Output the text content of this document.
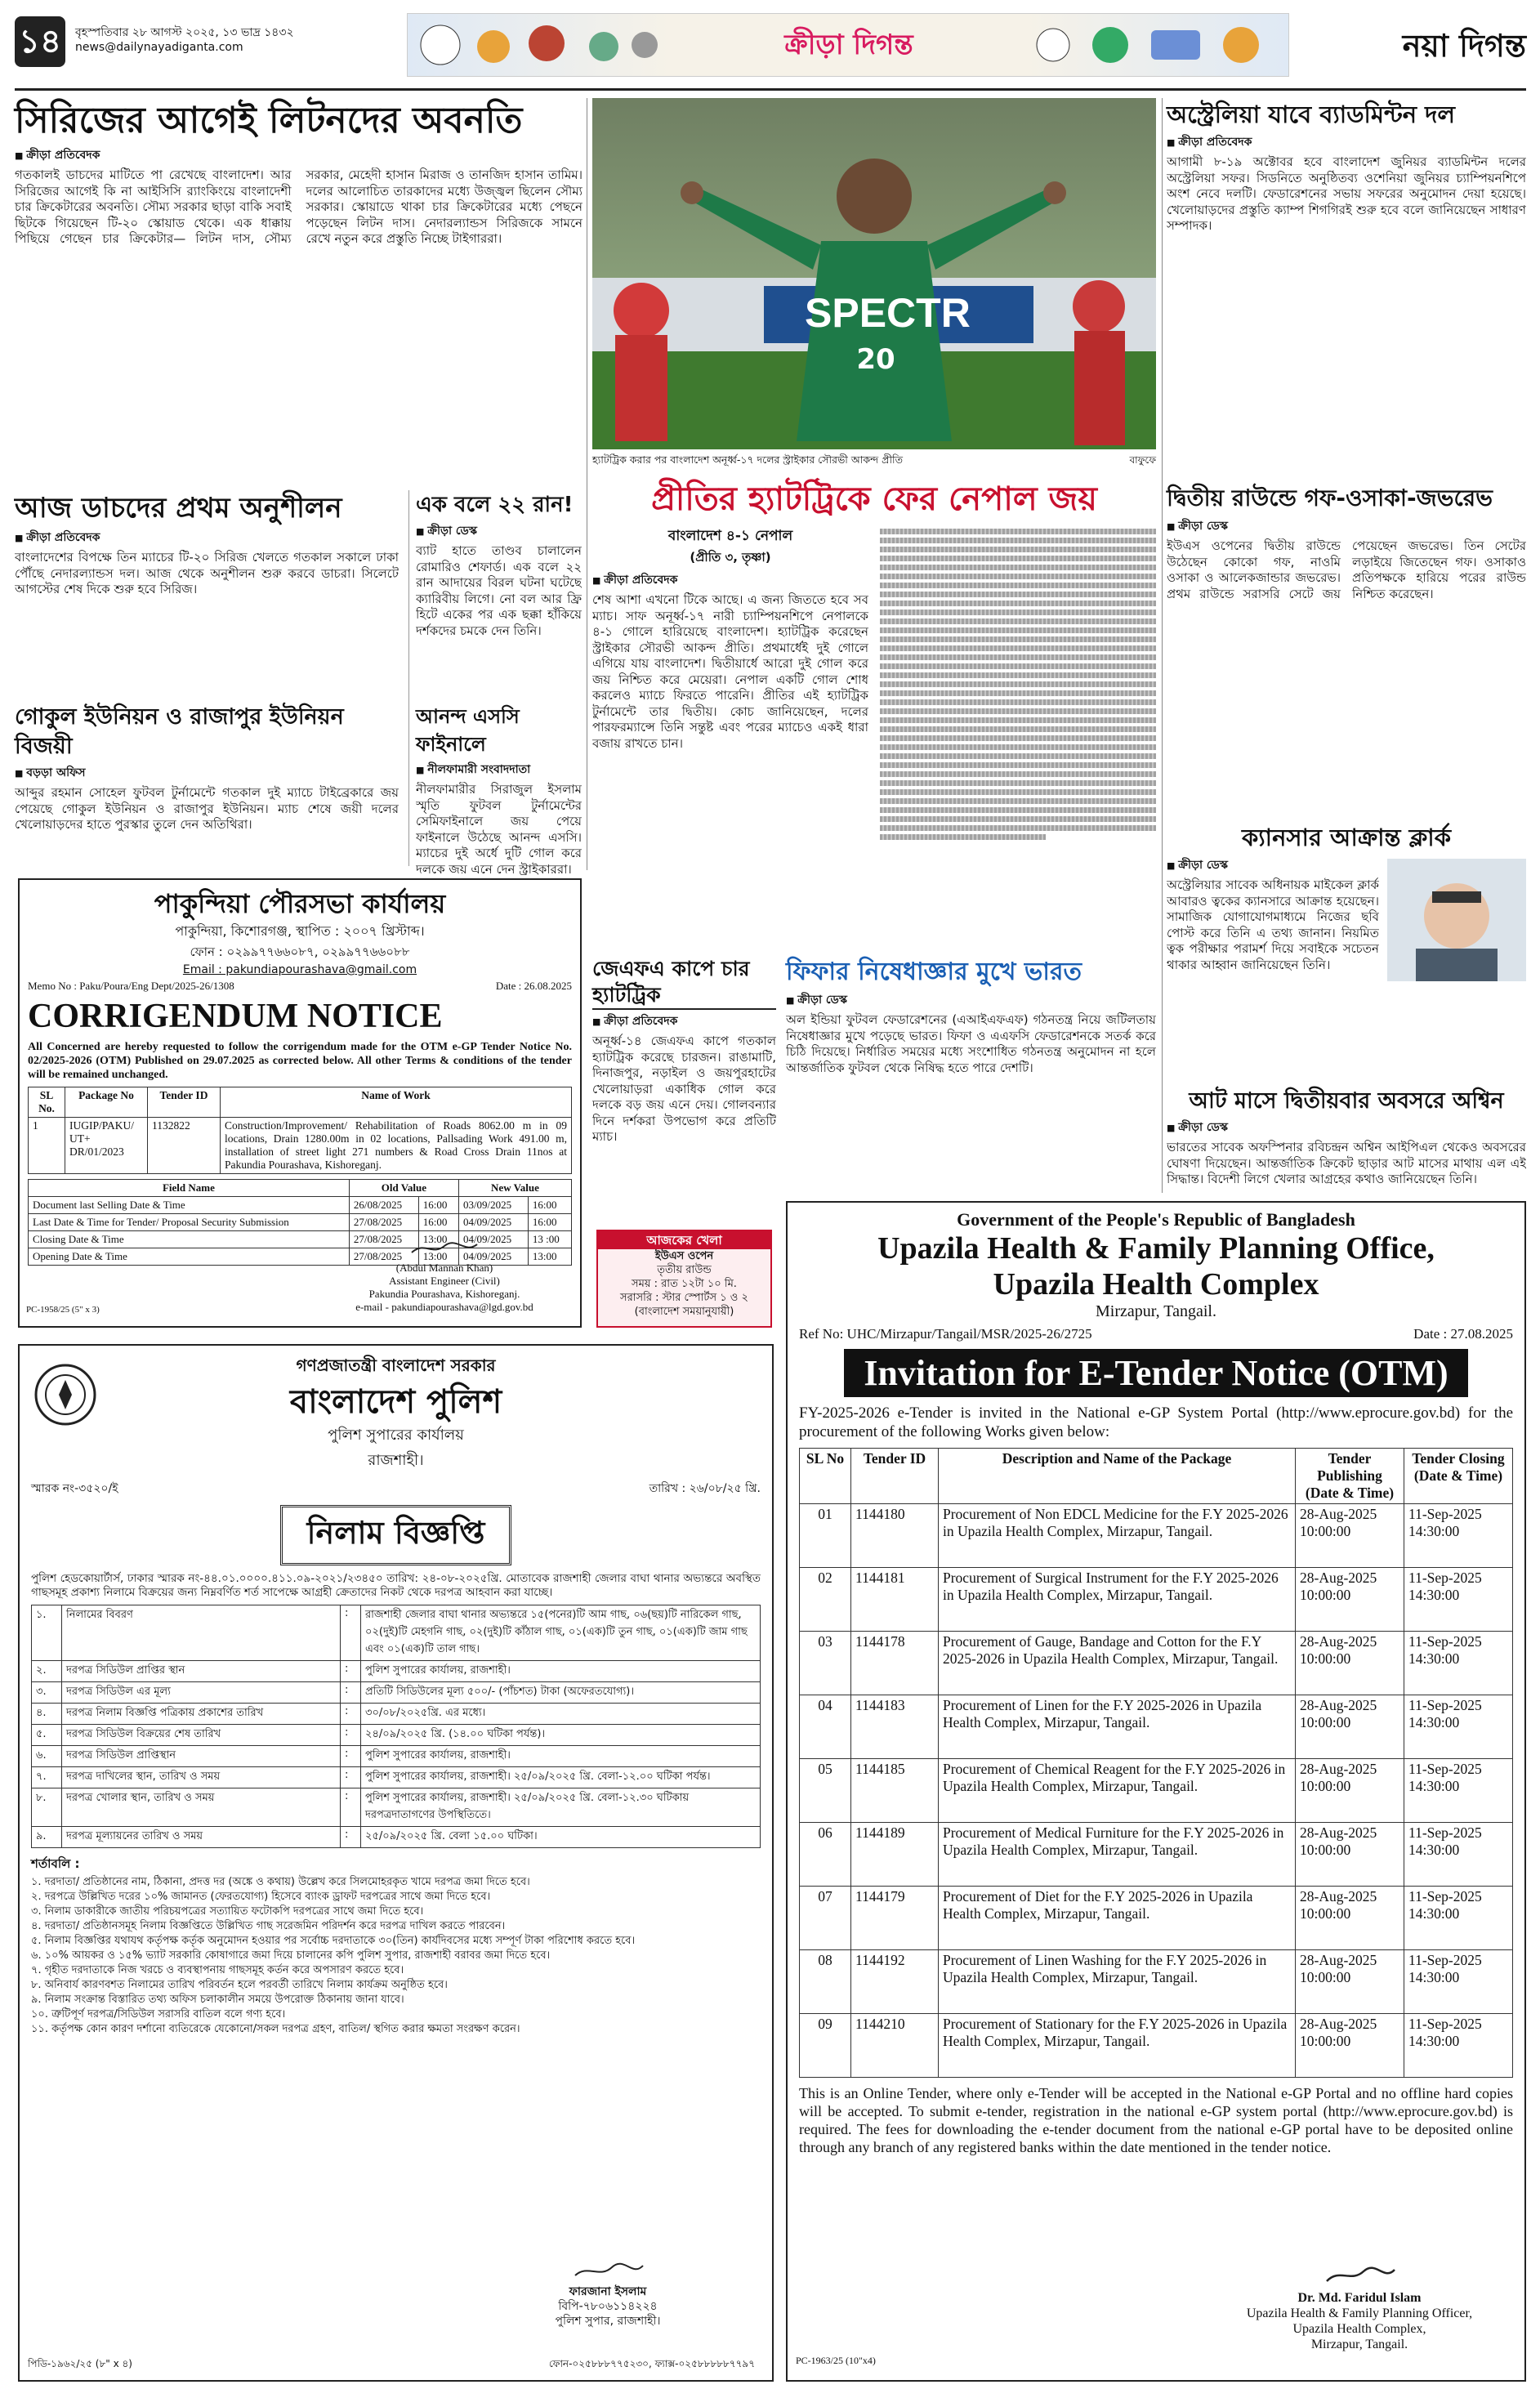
১৪	বৃহস্পতিবার ২৮ আগস্ট ২০২৫, ১৩ ভাদ্র ১৪৩২
news@dailynayadiganta.com	ক্রীড়া দিগন্ত	নয়া দিগন্ত
সিরিজের আগেই লিটনদের অবনতি
■ ক্রীড়া প্রতিবেদক
গতকালই ডাচদের মাটিতে পা রেখেছে বাংলাদেশ। আর সিরিজের আগেই কি না আইসিসি র‍্যাংকিংয়ে বাংলাদেশী চার ক্রিকেটারের অবনতি। সৌম্য সরকার ছাড়া বাকি সবাই ছিটকে গিয়েছেন টি-২০ স্কোয়াড থেকে। এক ধাক্কায় পিছিয়ে গেছেন চার ক্রিকেটার— লিটন দাস, সৌম্য সরকার, মেহেদী হাসান মিরাজ ও তানজিদ হাসান তামিম। দলের আলোচিত তারকাদের মধ্যে উজ্জ্বল ছিলেন সৌম্য সরকার। স্কোয়াডে থাকা চার ক্রিকেটারের মধ্যে পেছনে পড়েছেন লিটন দাস। নেদারল্যান্ডস সিরিজকে সামনে রেখে নতুন করে প্রস্তুতি নিচ্ছে টাইগাররা।
আজ ডাচদের প্রথম অনুশীলন
■ ক্রীড়া প্রতিবেদক
বাংলাদেশের বিপক্ষে তিন ম্যাচের টি-২০ সিরিজ খেলতে গতকাল সকালে ঢাকা পৌঁছে নেদারল্যান্ডস দল। আজ থেকে অনুশীলন শুরু করবে ডাচরা। সিলেটে আগস্টের শেষ দিকে শুরু হবে সিরিজ।
গোকুল ইউনিয়ন ও রাজাপুর ইউনিয়ন বিজয়ী
■ বড়ড়া অফিস
আব্দুর রহমান সোহেল ফুটবল টুর্নামেন্টে গতকাল দুই ম্যাচে টাইব্রেকারে জয় পেয়েছে গোকুল ইউনিয়ন ও রাজাপুর ইউনিয়ন। ম্যাচ শেষে জয়ী দলের খেলোয়াড়দের হাতে পুরস্কার তুলে দেন অতিথিরা।
এক বলে ২২ রান!
■ ক্রীড়া ডেস্ক
ব্যাট হাতে তাণ্ডব চালালেন রোমারিও শেফার্ড। এক বলে ২২ রান আদায়ের বিরল ঘটনা ঘটেছে ক্যারিবীয় লিগে। নো বল আর ফ্রি হিটে একের পর এক ছক্কা হাঁকিয়ে দর্শকদের চমকে দেন তিনি।
আনন্দ এসসি ফাইনালে
■ নীলফামারী সংবাদদাতা
নীলফামারীর সিরাজুল ইসলাম স্মৃতি ফুটবল টুর্নামেন্টের সেমিফাইনালে জয় পেয়ে ফাইনালে উঠেছে আনন্দ এসসি। ম্যাচের দুই অর্ধে দুটি গোল করে দলকে জয় এনে দেন স্ট্রাইকাররা।
পাকুন্দিয়া পৌরসভা কার্যালয়
পাকুন্দিয়া, কিশোরগঞ্জ, স্থাপিত : ২০০৭ খ্রিস্টাব্দ।
ফোন : ০২৯৯৭৭৬৬০৮৭, ০২৯৯৭৭৬৬০৮৮
Email : pakundiapourashava@gmail.com
Memo No : Paku/Poura/Eng Dept/2025-26/1308	Date : 26.08.2025
CORRIGENDUM NOTICE
All Concerned are hereby requested to follow the corrigendum made for the OTM e-GP Tender Notice No. 02/2025-2026 (OTM) Published on 29.07.2025 as corrected below. All other Terms & conditions of the tender will be remained unchanged.
SL No.	Package No	Tender ID	Name of Work
1	IUGIP/PAKU/ UT+ DR/01/2023	1132822	Construction/Improvement/ Rehabilitation of Roads 8062.00 m in 09 locations, Drain 1280.00m in 02 locations, Pallsading Work 491.00 m, installation of street light 271 numbers & Road Cross Drain 11nos at Pakundia Pourashava, Kishoreganj.
Field Name	Old Value		New Value	
Document last Selling Date & Time	26/08/2025	16:00	03/09/2025	16:00
Last Date & Time for Tender/ Proposal Security Submission	27/08/2025	16:00	04/09/2025	16:00
Closing Date & Time	27/08/2025	13:00	04/09/2025	13 :00
Opening Date & Time	27/08/2025	13:00	04/09/2025	13:00
(Abdul Mannan Khan)
Assistant Engineer (Civil)
Pakundia Pourashava, Kishoreganj.
e-mail - pakundiapourashava@lgd.gov.bd
PC-1958/25 (5" x 3)
গণপ্রজাতন্ত্রী বাংলাদেশ সরকার
বাংলাদেশ পুলিশ
পুলিশ সুপারের কার্যালয়
রাজশাহী।
স্মারক নং-৩৫২০/ই	তারিখ : ২৬/০৮/২৫ খ্রি.
নিলাম বিজ্ঞপ্তি
পুলিশ হেডকোয়ার্টার্স, ঢাকার স্মারক নং-৪৪.০১.০০০০.৪১১.০৯-২০২১/২৩৪৫০ তারিখ: ২৪-০৮-২০২৫খ্রি. মোতাবেক রাজশাহী জেলার বাঘা থানার অভ্যন্তরে অবস্থিত গাছসমূহ প্রকাশ্য নিলামে বিক্রয়ের জন্য নিম্নবর্ণিত শর্ত সাপেক্ষে আগ্রহী ক্রেতাদের নিকট থেকে দরপত্র আহবান করা যাচ্ছে।
১.	নিলামের বিবরণ	:	রাজশাহী জেলার বাঘা থানার অভ্যন্তরে ১৫(পনের)টি আম গাছ, ০৬(ছয়)টি নারিকেল গাছ, ০২(দুই)টি মেহগনি গাছ, ০২(দুই)টি কাঁঠাল গাছ, ০১(এক)টি তুন গাছ, ০১(এক)টি জাম গাছ এবং ০১(এক)টি তাল গাছ।
২.	দরপত্র সিডিউল প্রাপ্তির স্থান	:	পুলিশ সুপারের কার্যালয়, রাজশাহী।
৩.	দরপত্র সিডিউল এর মূল্য	:	প্রতিটি সিডিউলের মূল্য ৫০০/- (পাঁচশত) টাকা (অফেরতযোগ্য)।
৪.	দরপত্র নিলাম বিজ্ঞপ্তি পত্রিকায় প্রকাশের তারিখ	:	৩০/০৮/২০২৫খ্রি. এর মধ্যে।
৫.	দরপত্র সিডিউল বিক্রয়ের শেষ তারিখ	:	২৪/০৯/২০২৫ খ্রি. (১৪.০০ ঘটিকা পর্যন্ত)।
৬.	দরপত্র সিডিউল প্রাপ্তিস্থান	:	পুলিশ সুপারের কার্যালয়, রাজশাহী।
৭.	দরপত্র দাখিলের স্থান, তারিখ ও সময়	:	পুলিশ সুপারের কার্যালয়, রাজশাহী। ২৫/০৯/২০২৫ খ্রি. বেলা-১২.০০ ঘটিকা পর্যন্ত।
৮.	দরপত্র খোলার স্থান, তারিখ ও সময়	:	পুলিশ সুপারের কার্যালয়, রাজশাহী। ২৫/০৯/২০২৫ খ্রি. বেলা-১২.৩০ ঘটিকায় দরপত্রদাতাগণের উপস্থিতিতে।
৯.	দরপত্র মূল্যায়নের তারিখ ও সময়	:	২৫/০৯/২০২৫ খ্রি. বেলা ১৫.০০ ঘটিকা।
শর্তাবলি :
১. দরদাতা/ প্রতিষ্ঠানের নাম, ঠিকানা, প্রদত্ত দর (অঙ্কে ও কথায়) উল্লেখ করে সিলমোহরকৃত খামে দরপত্র জমা দিতে হবে।
২. দরপত্রে উল্লিখিত দরের ১০% জামানত (ফেরতযোগ্য) হিসেবে ব্যাংক ড্রাফট দরপত্রের সাথে জমা দিতে হবে।
৩. নিলাম ডাকারীকে জাতীয় পরিচয়পত্রের সত্যায়িত ফটোকপি দরপত্রের সাথে জমা দিতে হবে।
৪. দরদাতা/ প্রতিষ্ঠানসমূহ নিলাম বিজ্ঞপ্তিতে উল্লিখিত গাছ সরেজমিন পরিদর্শন করে দরপত্র দাখিল করতে পারবেন।
৫. নিলাম বিজ্ঞপ্তির যথাযথ কর্তৃপক্ষ কর্তৃক অনুমোদন হওয়ার পর সর্বোচ্চ দরদাতাকে ৩০(তিন) কার্যদিবসের মধ্যে সম্পূর্ণ টাকা পরিশোধ করতে হবে।
৬. ১০% আয়কর ও ১৫% ভ্যাট সরকারি কোষাগারে জমা দিয়ে চালানের কপি পুলিশ সুপার, রাজশাহী বরাবর জমা দিতে হবে।
৭. গৃহীত দরদাতাকে নিজ খরচে ও ব্যবস্থাপনায় গাছসমূহ কর্তন করে অপসারণ করতে হবে।
৮. অনিবার্য কারণবশত নিলামের তারিখ পরিবর্তন হলে পরবর্তী তারিখে নিলাম কার্যক্রম অনুষ্ঠিত হবে।
৯. নিলাম সংক্রান্ত বিস্তারিত তথ্য অফিস চলাকালীন সময়ে উপরোক্ত ঠিকানায় জানা যাবে।
১০. ত্রুটিপূর্ণ দরপত্র/সিডিউল সরাসরি বাতিল বলে গণ্য হবে।
১১. কর্তৃপক্ষ কোন কারণ দর্শানো ব্যতিরেকে যেকোনো/সকল দরপত্র গ্রহণ, বাতিল/ স্থগিত করার ক্ষমতা সংরক্ষণ করেন।
ফারজানা ইসলাম
বিপি-৭৮০৬১১৪২২৪
পুলিশ সুপার, রাজশাহী।
পিডি-১৯৬২/২৫ (৮" x ৪)	ফোন-০২৫৮৮৮৭৭৫২৩০, ফ্যাক্স-০২৫৮৮৮৮৮৭৭৯৭
SPECTR
20
হ্যাটট্রিক করার পর বাংলাদেশ অনূর্ধ্ব-১৭ দলের স্ট্রাইকার সৌরভী আকন্দ প্রীতি	বাফুফে
প্রীতির হ্যাটট্রিকে ফের নেপাল জয়
বাংলাদেশ ৪-১ নেপাল
(প্রীতি ৩, তৃষ্ণা)
■ ক্রীড়া প্রতিবেদক
শেষ আশা এখনো টিকে আছে। এ জন্য জিততে হবে সব ম্যাচ। সাফ অনূর্ধ্ব-১৭ নারী চ্যাম্পিয়নশিপে নেপালকে ৪-১ গোলে হারিয়েছে বাংলাদেশ। হ্যাটট্রিক করেছেন স্ট্রাইকার সৌরভী আকন্দ প্রীতি। প্রথমার্ধেই দুই গোলে এগিয়ে যায় বাংলাদেশ। দ্বিতীয়ার্ধে আরো দুই গোল করে জয় নিশ্চিত করে মেয়েরা। নেপাল একটি গোল শোধ করলেও ম্যাচে ফিরতে পারেনি। প্রীতির এই হ্যাটট্রিক টুর্নামেন্টে তার দ্বিতীয়। কোচ জানিয়েছেন, দলের পারফরম্যান্সে তিনি সন্তুষ্ট এবং পরের ম্যাচেও একই ধারা বজায় রাখতে চান।
জেএফএ কাপে চার হ্যাটট্রিক
■ ক্রীড়া প্রতিবেদক
অনূর্ধ্ব-১৪ জেএফএ কাপে গতকাল হ্যাটট্রিক করেছে চারজন। রাঙামাটি, দিনাজপুর, নড়াইল ও জয়পুরহাটের খেলোয়াড়রা একাধিক গোল করে দলকে বড় জয় এনে দেয়। গোলবন্যার দিনে দর্শকরা উপভোগ করে প্রতিটি ম্যাচ।
আজকের খেলা
ইউএস ওপেন
তৃতীয় রাউন্ড
সময় : রাত ১২টা ১০ মি.
সরাসরি : স্টার স্পোর্টস ১ ও ২
(বাংলাদেশ সময়ানুযায়ী)
ফিফার নিষেধাজ্ঞার মুখে ভারত
■ ক্রীড়া ডেস্ক
অল ইন্ডিয়া ফুটবল ফেডারেশনের (এআইএফএফ) গঠনতন্ত্র নিয়ে জটিলতায় নিষেধাজ্ঞার মুখে পড়েছে ভারত। ফিফা ও এএফসি ফেডারেশনকে সতর্ক করে চিঠি দিয়েছে। নির্ধারিত সময়ের মধ্যে সংশোধিত গঠনতন্ত্র অনুমোদন না হলে আন্তর্জাতিক ফুটবল থেকে নিষিদ্ধ হতে পারে দেশটি।
Government of the People's Republic of Bangladesh
Upazila Health & Family Planning Office,
Upazila Health Complex
Mirzapur, Tangail.
Ref No: UHC/Mirzapur/Tangail/MSR/2025-26/2725	Date : 27.08.2025
Invitation for E-Tender Notice (OTM)
FY-2025-2026 e-Tender is invited in the National e-GP System Portal (http://www.eprocure.gov.bd) for the procurement of the following Works given below:
SL No	Tender ID	Description and Name of the Package	Tender Publishing (Date & Time)	Tender Closing (Date & Time)
01	1144180	Procurement of Non EDCL Medicine for the F.Y 2025-2026 in Upazila Health Complex, Mirzapur, Tangail.	28-Aug-2025 10:00:00	11-Sep-2025 14:30:00
02	1144181	Procurement of Surgical Instrument for the F.Y 2025-2026 in Upazila Health Complex, Mirzapur, Tangail.	28-Aug-2025 10:00:00	11-Sep-2025 14:30:00
03	1144178	Procurement of Gauge, Bandage and Cotton for the F.Y 2025-2026 in Upazila Health Complex, Mirzapur, Tangail.	28-Aug-2025 10:00:00	11-Sep-2025 14:30:00
04	1144183	Procurement of Linen for the F.Y 2025-2026 in Upazila Health Complex, Mirzapur, Tangail.	28-Aug-2025 10:00:00	11-Sep-2025 14:30:00
05	1144185	Procurement of Chemical Reagent for the F.Y 2025-2026 in Upazila Health Complex, Mirzapur, Tangail.	28-Aug-2025 10:00:00	11-Sep-2025 14:30:00
06	1144189	Procurement of Medical Furniture for the F.Y 2025-2026 in Upazila Health Complex, Mirzapur, Tangail.	28-Aug-2025 10:00:00	11-Sep-2025 14:30:00
07	1144179	Procurement of Diet for the F.Y 2025-2026 in Upazila Health Complex, Mirzapur, Tangail.	28-Aug-2025 10:00:00	11-Sep-2025 14:30:00
08	1144192	Procurement of Linen Washing for the F.Y 2025-2026 in Upazila Health Complex, Mirzapur, Tangail.	28-Aug-2025 10:00:00	11-Sep-2025 14:30:00
09	1144210	Procurement of Stationary for the F.Y 2025-2026 in Upazila Health Complex, Mirzapur, Tangail.	28-Aug-2025 10:00:00	11-Sep-2025 14:30:00
This is an Online Tender, where only e-Tender will be accepted in the National e-GP Portal and no offline hard copies will be accepted. To submit e-tender, registration in the national e-GP system portal (http://www.eprocure.gov.bd) is required. The fees for downloading the e-tender document from the national e-GP portal have to be deposited online through any branch of any registered banks within the date mentioned in the tender notice.
Dr. Md. Faridul Islam
Upazila Health & Family Planning Officer,
Upazila Health Complex,
Mirzapur, Tangail.
PC-1963/25 (10"x4)
অস্ট্রেলিয়া যাবে ব্যাডমিন্টন দল
■ ক্রীড়া প্রতিবেদক
আগামী ৮-১৯ অক্টোবর হবে বাংলাদেশ জুনিয়র ব্যাডমিন্টন দলের অস্ট্রেলিয়া সফর। সিডনিতে অনুষ্ঠিতব্য ওশেনিয়া জুনিয়র চ্যাম্পিয়নশিপে অংশ নেবে দলটি। ফেডারেশনের সভায় সফরের অনুমোদন দেয়া হয়েছে। খেলোয়াড়দের প্রস্তুতি ক্যাম্প শিগগিরই শুরু হবে বলে জানিয়েছেন সাধারণ সম্পাদক।
দ্বিতীয় রাউন্ডে গফ-ওসাকা-জভরেভ
■ ক্রীড়া ডেস্ক
ইউএস ওপেনের দ্বিতীয় রাউন্ডে উঠেছেন কোকো গফ, নাওমি ওসাকা ও আলেকজান্ডার জভরেভ। প্রথম রাউন্ডে সরাসরি সেটে জয় পেয়েছেন জভরেভ। তিন সেটের লড়াইয়ে জিতেছেন গফ। ওসাকাও প্রতিপক্ষকে হারিয়ে পরের রাউন্ড নিশ্চিত করেছেন।
ক্যানসার আক্রান্ত ক্লার্ক
■ ক্রীড়া ডেস্ক
অস্ট্রেলিয়ার সাবেক অধিনায়ক মাইকেল ক্লার্ক আবারও ত্বকের ক্যানসারে আক্রান্ত হয়েছেন। সামাজিক যোগাযোগমাধ্যমে নিজের ছবি পোস্ট করে তিনি এ তথ্য জানান। নিয়মিত ত্বক পরীক্ষার পরামর্শ দিয়ে সবাইকে সচেতন থাকার আহ্বান জানিয়েছেন তিনি।
আট মাসে দ্বিতীয়বার অবসরে অশ্বিন
■ ক্রীড়া ডেস্ক
ভারতের সাবেক অফস্পিনার রবিচন্দ্রন অশ্বিন আইপিএল থেকেও অবসরের ঘোষণা দিয়েছেন। আন্তর্জাতিক ক্রিকেট ছাড়ার আট মাসের মাথায় এল এই সিদ্ধান্ত। বিদেশী লিগে খেলার আগ্রহের কথাও জানিয়েছেন তিনি।
